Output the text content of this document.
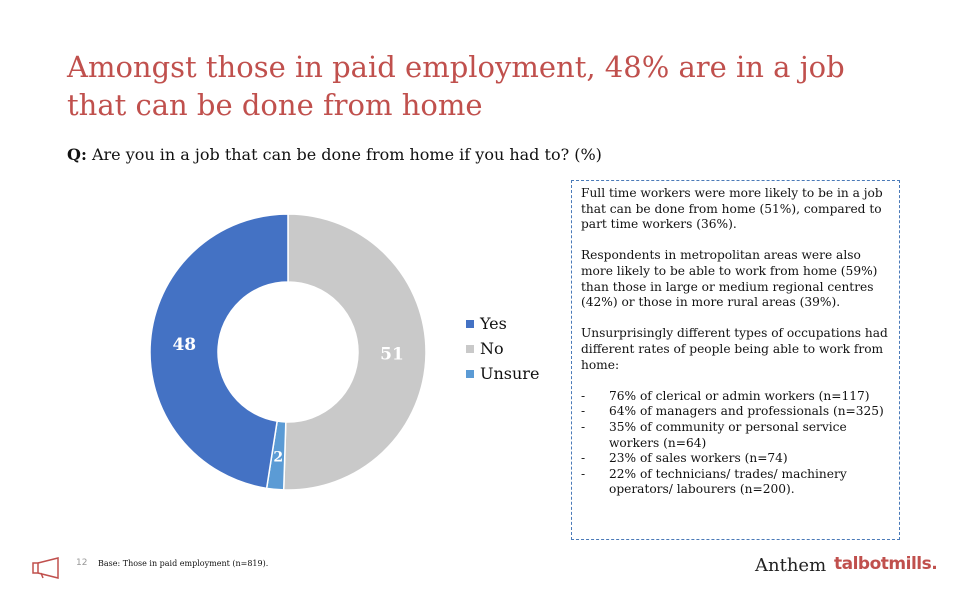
Amongst those in paid employment, 48% are in a job that can be done from home
Q: Are you in a job that can be done from home if you had to? (%)
51
2
48
Yes
No
Unsure

Full time workers were more likely to be in a job that can be done from home (51%), compared to part time workers (36%).

Respondents in metropolitan areas were also more likely to be able to work from home (59%) than those in large or medium regional centres (42%) or those in more rural areas (39%).

Unsurprisingly different types of occupations had different rates of people being able to work from home:

- 76% of clerical or admin workers (n=117)
- 64% of managers and professionals (n=325)
- 35% of community or personal service workers (n=64)
- 23% of sales workers (n=74)
- 22% of technicians/ trades/ machinery operators/ labourers (n=200).
12 Base: Those in paid employment (n=819).	Anthem talbotmills.
